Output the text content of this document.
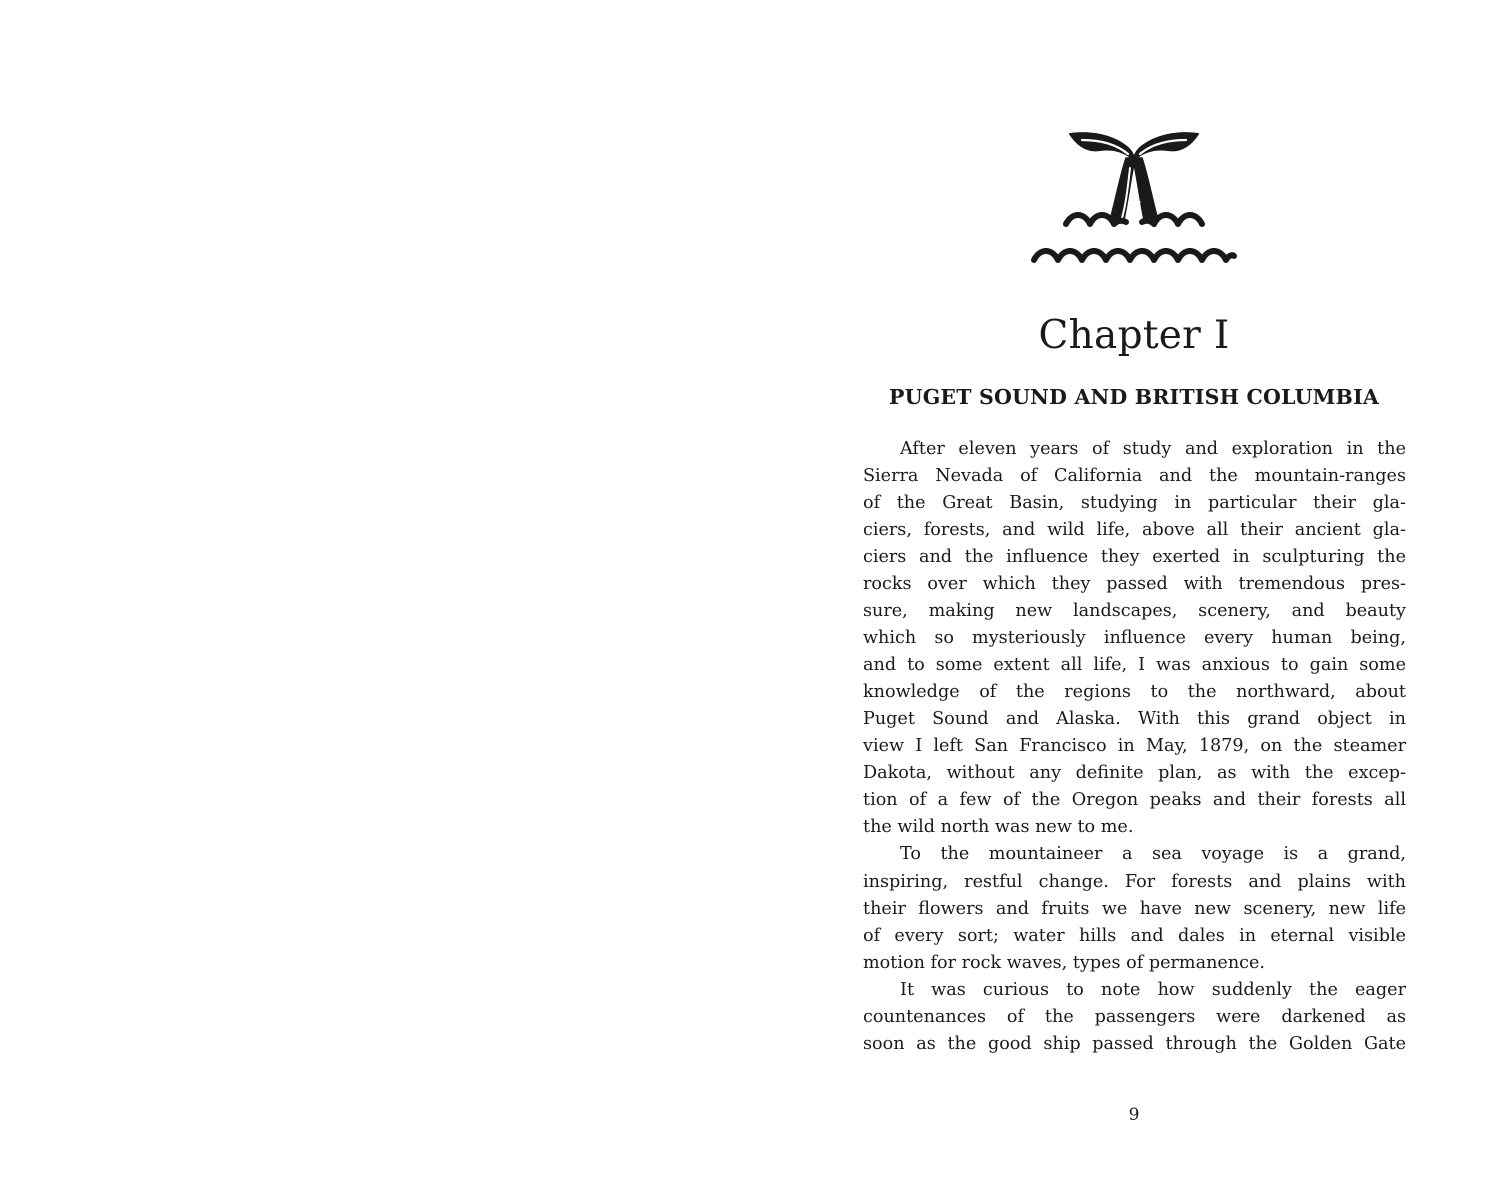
Chapter I
PUGET SOUND AND BRITISH COLUMBIA
After eleven years of study and exploration in the
Sierra Nevada of California and the mountain-ranges
of the Great Basin, studying in particular their gla-
ciers, forests, and wild life, above all their ancient gla-
ciers and the influence they exerted in sculpturing the
rocks over which they passed with tremendous pres-
sure, making new landscapes, scenery, and beauty
which so mysteriously influence every human being,
and to some extent all life, I was anxious to gain some
knowledge of the regions to the northward, about
Puget Sound and Alaska. With this grand object in
view I left San Francisco in May, 1879, on the steamer
Dakota, without any definite plan, as with the excep-
tion of a few of the Oregon peaks and their forests all
the wild north was new to me.
To the mountaineer a sea voyage is a grand,
inspiring, restful change. For forests and plains with
their flowers and fruits we have new scenery, new life
of every sort; water hills and dales in eternal visible
motion for rock waves, types of permanence.
It was curious to note how suddenly the eager
countenances of the passengers were darkened as
soon as the good ship passed through the Golden Gate
9
